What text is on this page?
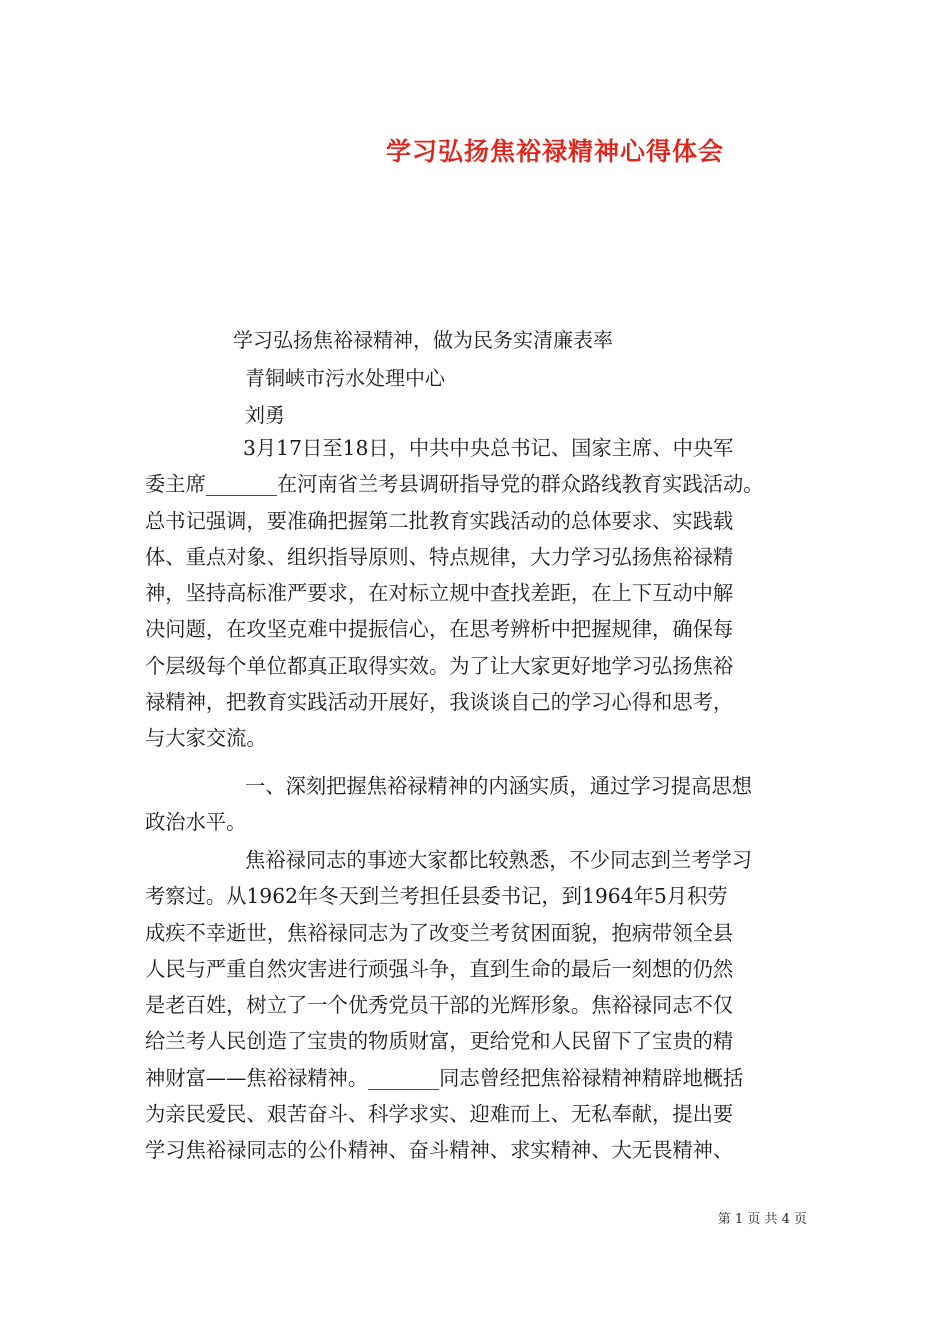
学习弘扬焦裕禄精神心得体会
学习弘扬焦裕禄精神，做为民务实清廉表率
青铜峡市污水处理中心
刘勇

3月17日至18日，中共中央总书记、国家主席、中央军
委主席_______在河南省兰考县调研指导党的群众路线教育实践活动。
总书记强调，要准确把握第二批教育实践活动的总体要求、实践载
体、重点对象、组织指导原则、特点规律，大力学习弘扬焦裕禄精
神，坚持高标准严要求，在对标立规中查找差距，在上下互动中解
决问题，在攻坚克难中提振信心，在思考辨析中把握规律，确保每
个层级每个单位都真正取得实效。为了让大家更好地学习弘扬焦裕
禄精神，把教育实践活动开展好，我谈谈自己的学习心得和思考，
与大家交流。

一、深刻把握焦裕禄精神的内涵实质，通过学习提高思想
政治水平。

焦裕禄同志的事迹大家都比较熟悉，不少同志到兰考学习
考察过。从1962年冬天到兰考担任县委书记，到1964年5月积劳
成疾不幸逝世，焦裕禄同志为了改变兰考贫困面貌，抱病带领全县
人民与严重自然灾害进行顽强斗争，直到生命的最后一刻想的仍然
是老百姓，树立了一个优秀党员干部的光辉形象。焦裕禄同志不仅
给兰考人民创造了宝贵的物质财富，更给党和人民留下了宝贵的精
神财富——焦裕禄精神。_______同志曾经把焦裕禄精神精辟地概括
为亲民爱民、艰苦奋斗、科学求实、迎难而上、无私奉献，提出要
学习焦裕禄同志的公仆精神、奋斗精神、求实精神、大无畏精神、

第 1 页 共 4 页
